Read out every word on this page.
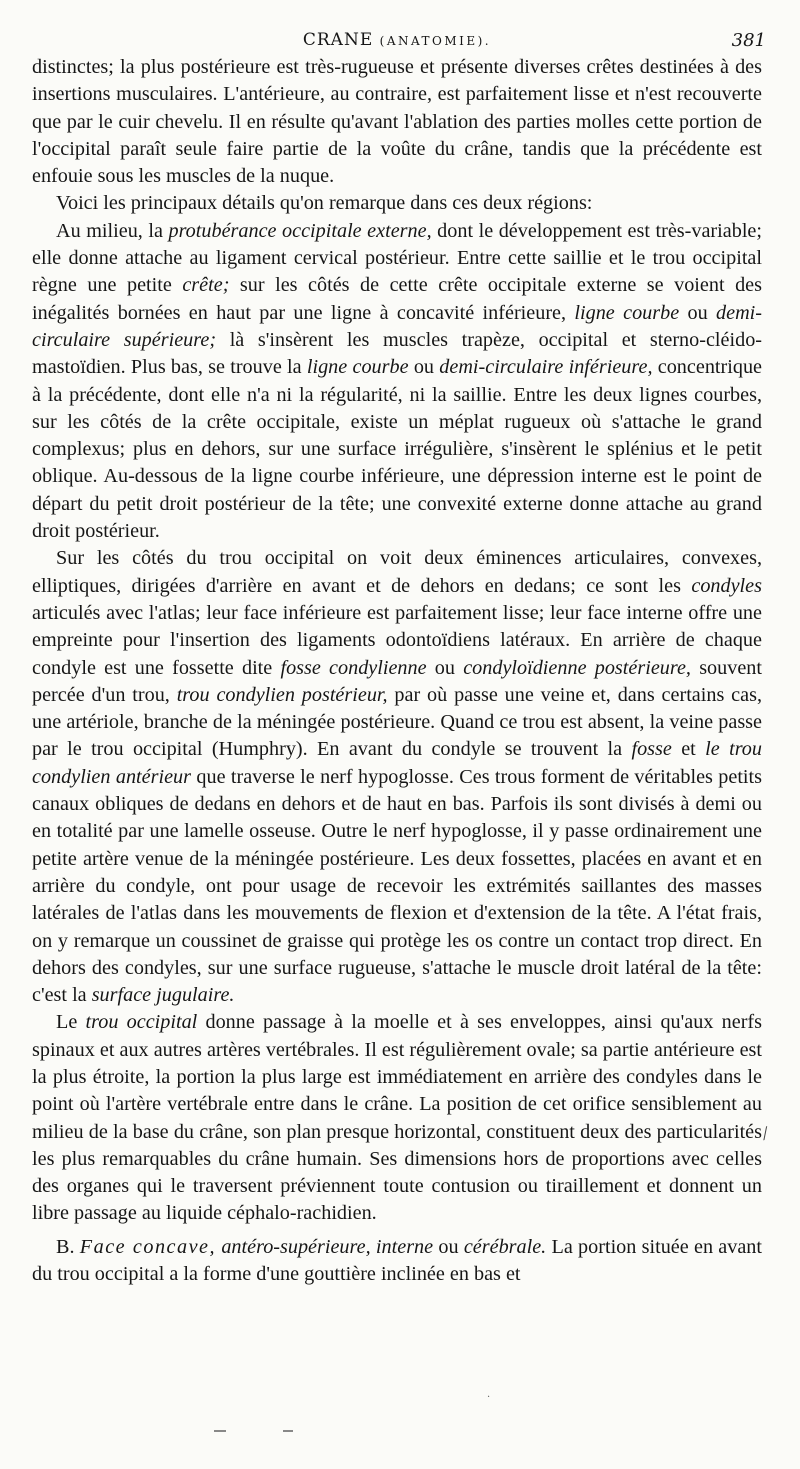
CRANE (ANATOMIE).	381

distinctes; la plus postérieure est très-rugueuse et présente diverses crêtes destinées à des insertions musculaires. L'antérieure, au contraire, est parfaitement lisse et n'est recouverte que par le cuir chevelu. Il en résulte qu'avant l'ablation des parties molles cette portion de l'occipital paraît seule faire partie de la voûte du crâne, tandis que la précédente est enfouie sous les muscles de la nuque.

Voici les principaux détails qu'on remarque dans ces deux régions:

Au milieu, la protubérance occipitale externe, dont le développement est très-variable; elle donne attache au ligament cervical postérieur. Entre cette saillie et le trou occipital règne une petite crête; sur les côtés de cette crête occipitale externe se voient des inégalités bornées en haut par une ligne à concavité inférieure, ligne courbe ou demi-circulaire supérieure; là s'insèrent les muscles trapèze, occipital et sterno-cléido-mastoïdien. Plus bas, se trouve la ligne courbe ou demi-circulaire inférieure, concentrique à la précédente, dont elle n'a ni la régularité, ni la saillie. Entre les deux lignes courbes, sur les côtés de la crête occipitale, existe un méplat rugueux où s'attache le grand complexus; plus en dehors, sur une surface irrégulière, s'insèrent le splénius et le petit oblique. Au-dessous de la ligne courbe inférieure, une dépression interne est le point de départ du petit droit postérieur de la tête; une convexité externe donne attache au grand droit postérieur.

Sur les côtés du trou occipital on voit deux éminences articulaires, convexes, elliptiques, dirigées d'arrière en avant et de dehors en dedans; ce sont les condyles articulés avec l'atlas; leur face inférieure est parfaitement lisse; leur face interne offre une empreinte pour l'insertion des ligaments odontoïdiens latéraux. En arrière de chaque condyle est une fossette dite fosse condylienne ou condyloïdienne postérieure, souvent percée d'un trou, trou condylien postérieur, par où passe une veine et, dans certains cas, une artériole, branche de la méningée postérieure. Quand ce trou est absent, la veine passe par le trou occipital (Humphry). En avant du condyle se trouvent la fosse et le trou condylien antérieur que traverse le nerf hypoglosse. Ces trous forment de véritables petits canaux obliques de dedans en dehors et de haut en bas. Parfois ils sont divisés à demi ou en totalité par une lamelle osseuse. Outre le nerf hypoglosse, il y passe ordinairement une petite artère venue de la méningée postérieure. Les deux fossettes, placées en avant et en arrière du condyle, ont pour usage de recevoir les extrémités saillantes des masses latérales de l'atlas dans les mouvements de flexion et d'extension de la tête. A l'état frais, on y remarque un coussinet de graisse qui protège les os contre un contact trop direct. En dehors des condyles, sur une surface rugueuse, s'attache le muscle droit latéral de la tête: c'est la surface jugulaire.

Le trou occipital donne passage à la moelle et à ses enveloppes, ainsi qu'aux nerfs spinaux et aux autres artères vertébrales. Il est régulièrement ovale; sa partie antérieure est la plus étroite, la portion la plus large est immédiatement en arrière des condyles dans le point où l'artère vertébrale entre dans le crâne. La position de cet orifice sensiblement au milieu de la base du crâne, son plan presque horizontal, constituent deux des particularités les plus remarquables du crâne humain. Ses dimensions hors de proportions avec celles des organes qui le traversent préviennent toute contusion ou tiraillement et donnent un libre passage au liquide céphalo-rachidien.

B. Face concave, antéro-supérieure, interne ou cérébrale. La portion située en avant du trou occipital a la forme d'une gouttière inclinée en bas et

⁄
·
